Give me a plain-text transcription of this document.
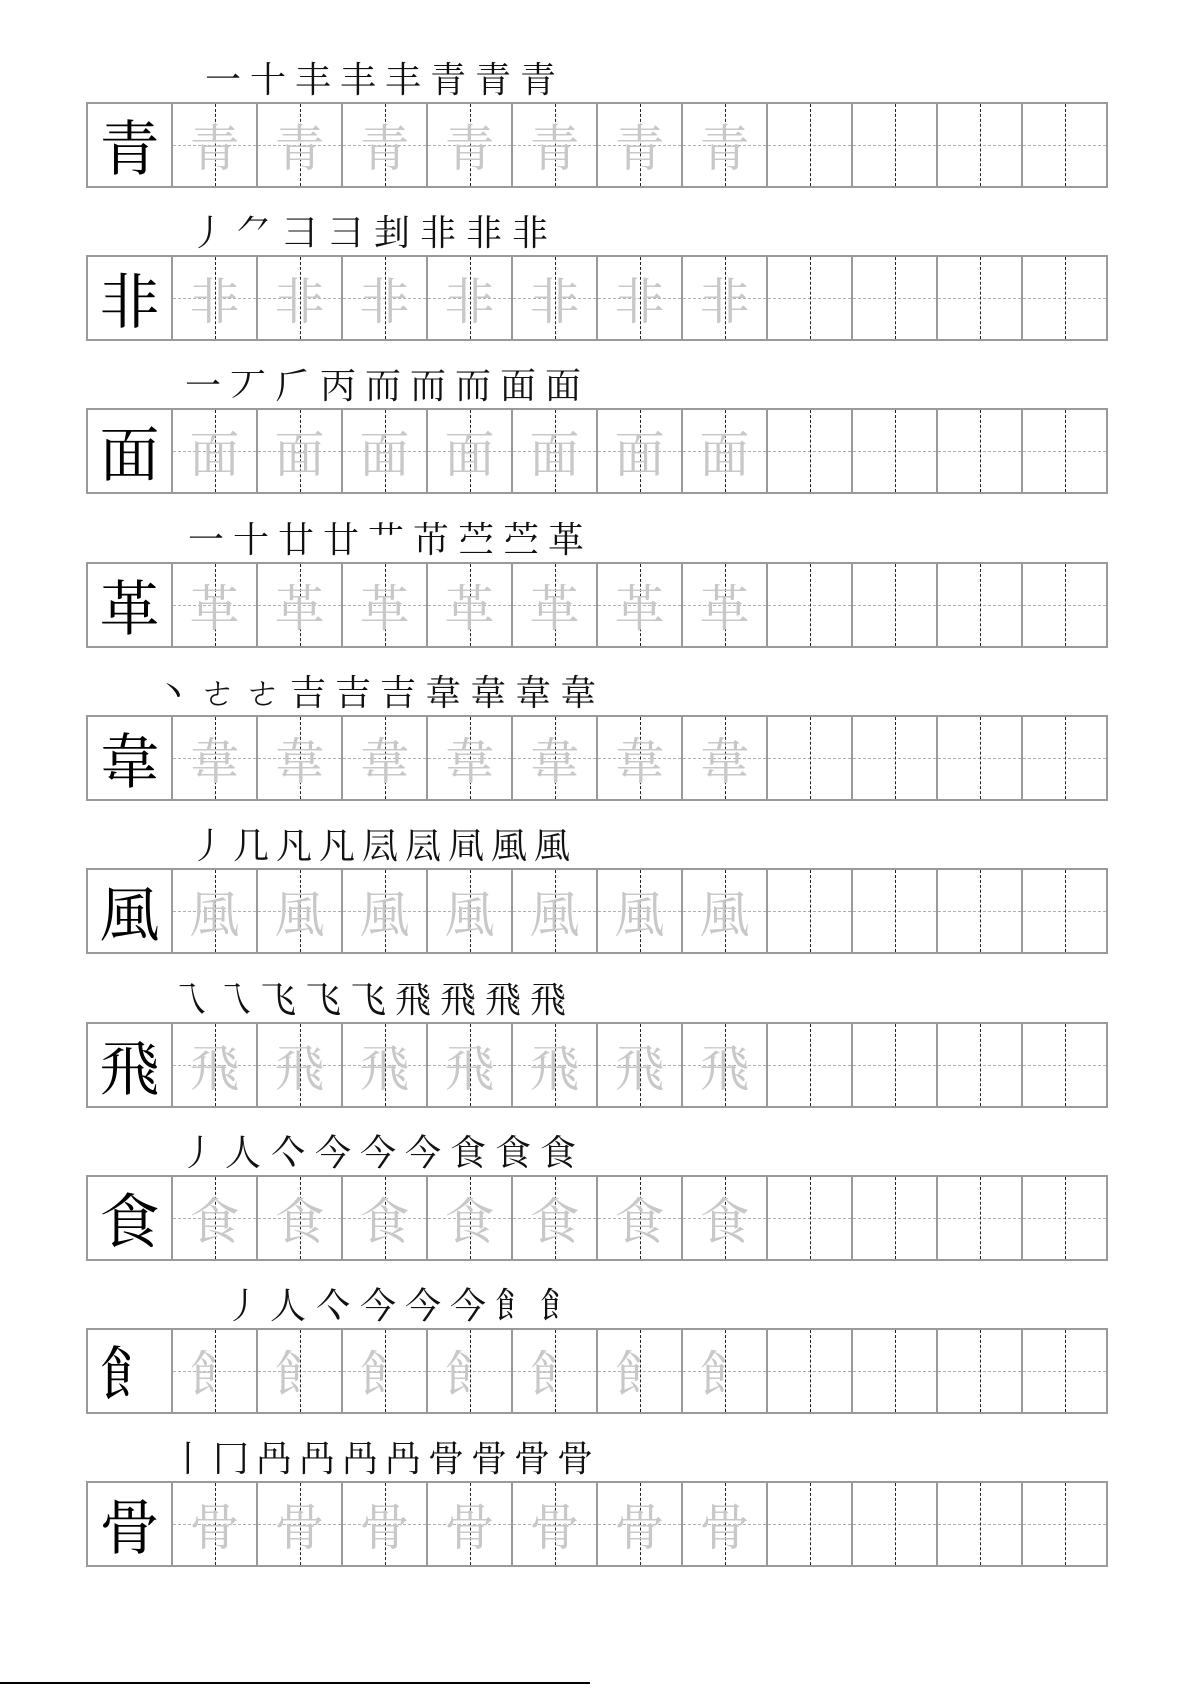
一 十 丰 丰 丰 青 青 青
青 青 青 青 青 青 青 青
丿 ⺈ 彐 彐 刲 非 非 非
非 非 非 非 非 非 非 非
一 丆 𠂆 丙 而 而 而 面 面
面 面 面 面 面 面 面 面
一 十 廿 廿 艹 芇 苎 苎 革
革 革 革 革 革 革 革 革
丶 ㄜ ㄜ 吉 吉 吉 韋 韋 韋 韋
韋 韋 韋 韋 韋 韋 韋 韋
丿 几 凡 凡 凨 凨 凬 風 風
風 風 風 風 風 風 風 風
乁 乁 飞 飞 飞 飛 飛 飛 飛
飛 飛 飛 飛 飛 飛 飛 飛
丿 人 亽 今 今 今 食 食 食
食 食 食 食 食 食 食 食
丿 人 亽 今 今 今 飠 飠
飠 飠 飠 飠 飠 飠 飠 飠
丨 冂 冎 冎 冎 冎 骨 骨 骨 骨
骨 骨 骨 骨 骨 骨 骨 骨
